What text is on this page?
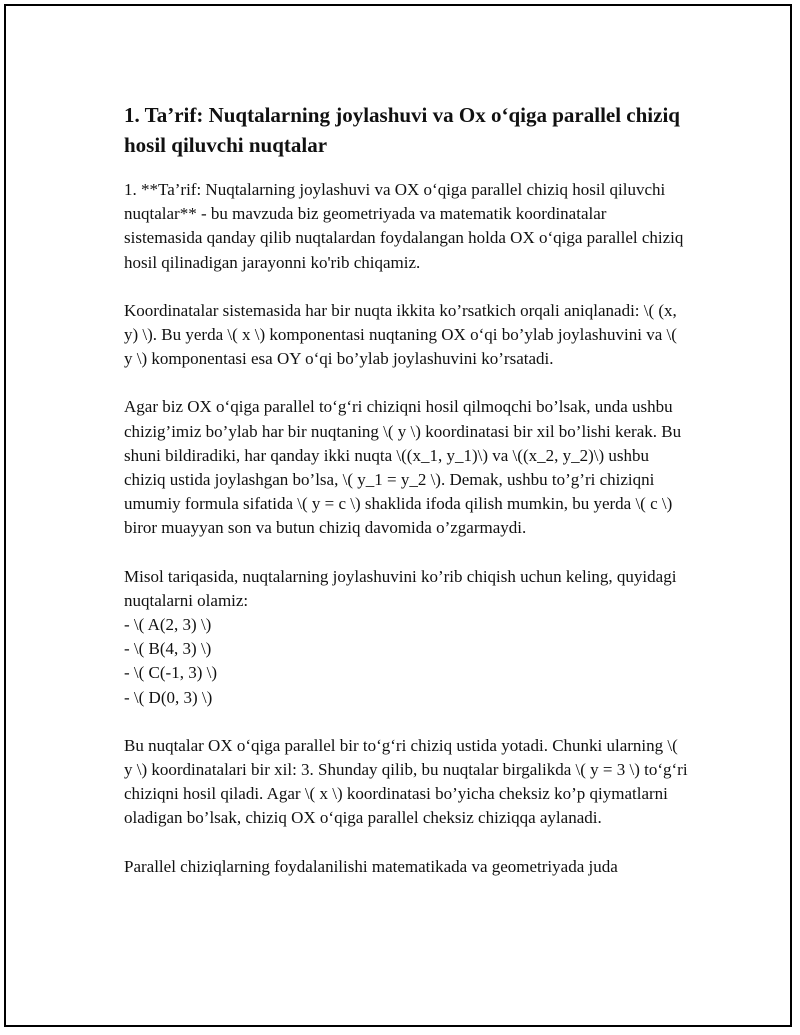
1. Ta’rif: Nuqtalarning joylashuvi va Ox o‘qiga parallel chiziq hosil qiluvchi nuqtalar

1. **Ta’rif: Nuqtalarning joylashuvi va OX o‘qiga parallel chiziq hosil qiluvchi nuqtalar** - bu mavzuda biz geometriyada va matematik koordinatalar sistemasida qanday qilib nuqtalardan foydalangan holda OX o‘qiga parallel chiziq hosil qilinadigan jarayonni ko'rib chiqamiz.

Koordinatalar sistemasida har bir nuqta ikkita ko’rsatkich orqali aniqlanadi: \( (x, y) \). Bu yerda \( x \) komponentasi nuqtaning OX o‘qi bo’ylab joylashuvini va \( y \) komponentasi esa OY o‘qi bo’ylab joylashuvini ko’rsatadi.

Agar biz OX o‘qiga parallel to‘g‘ri chiziqni hosil qilmoqchi bo’lsak, unda ushbu chizig’imiz bo’ylab har bir nuqtaning \( y \) koordinatasi bir xil bo’lishi kerak. Bu shuni bildiradiki, har qanday ikki nuqta \((x_1, y_1)\) va \((x_2, y_2)\) ushbu chiziq ustida joylashgan bo’lsa, \( y_1 = y_2 \). Demak, ushbu to’g’ri chiziqni umumiy formula sifatida \( y = c \) shaklida ifoda qilish mumkin, bu yerda \( c \) biror muayyan son va butun chiziq davomida o’zgarmaydi.

Misol tariqasida, nuqtalarning joylashuvini ko’rib chiqish uchun keling, quyidagi nuqtalarni olamiz:

- \( A(2, 3) \)
- \( B(4, 3) \)
- \( C(-1, 3) \)
- \( D(0, 3) \)

Bu nuqtalar OX o‘qiga parallel bir to‘g‘ri chiziq ustida yotadi. Chunki ularning \( y \) koordinatalari bir xil: 3. Shunday qilib, bu nuqtalar birgalikda \( y = 3 \) to‘g‘ri chiziqni hosil qiladi. Agar \( x \) koordinatasi bo’yicha cheksiz ko’p qiymatlarni oladigan bo’lsak, chiziq OX o‘qiga parallel cheksiz chiziqqa aylanadi.

Parallel chiziqlarning foydalanilishi matematikada va geometriyada juda
